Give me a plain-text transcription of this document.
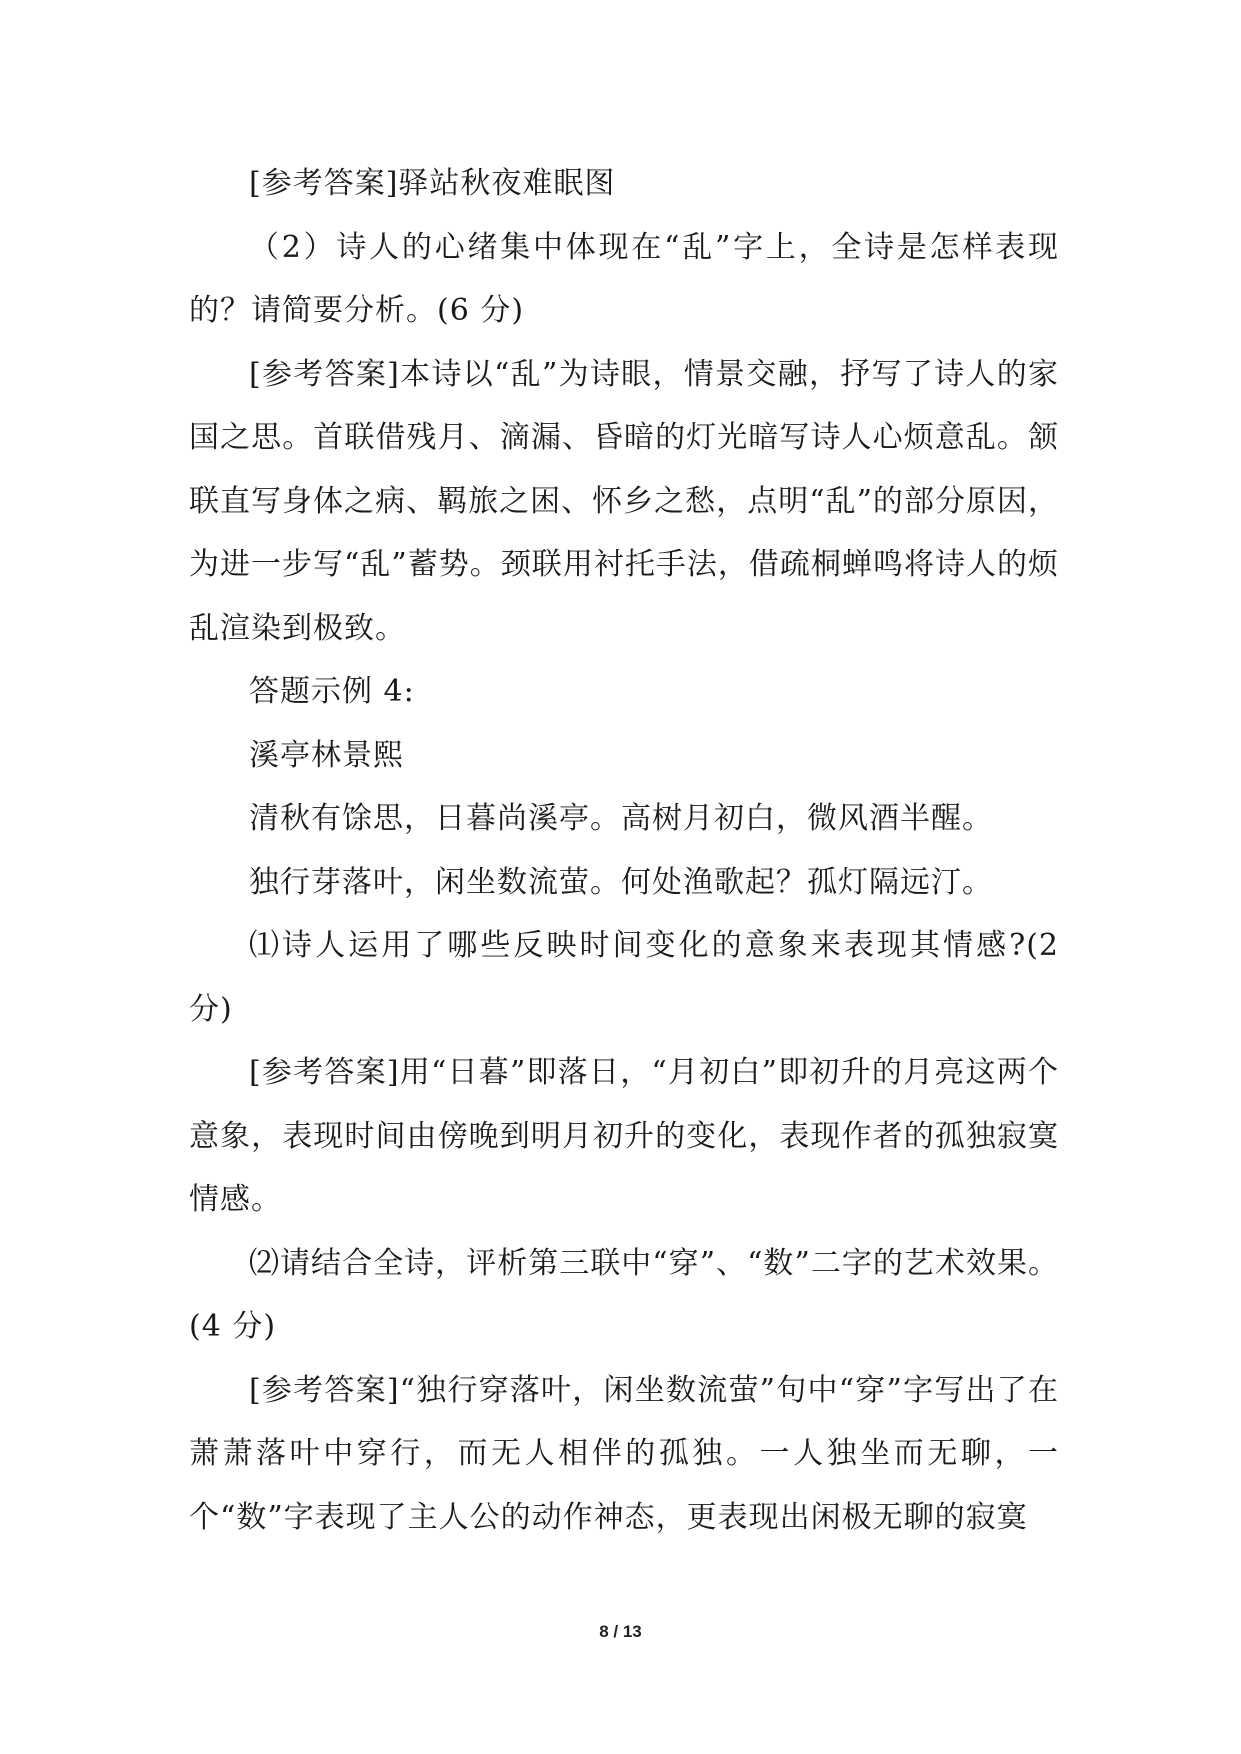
[参考答案]驿站秋夜难眠图

（2）诗人的心绪集中体现在“乱”字上，全诗是怎样表现的？请简要分析。(6 分)

[参考答案]本诗以“乱”为诗眼，情景交融，抒写了诗人的家国之思。首联借残月、滴漏、昏暗的灯光暗写诗人心烦意乱。颔联直写身体之病、羁旅之困、怀乡之愁，点明“乱”的部分原因，为进一步写“乱”蓄势。颈联用衬托手法，借疏桐蝉鸣将诗人的烦乱渲染到极致。

答题示例 4:

溪亭林景熙

清秋有馀思，日暮尚溪亭。高树月初白，微风酒半醒。

独行芽落叶，闲坐数流萤。何处渔歌起？孤灯隔远汀。

⑴诗人运用了哪些反映时间变化的意象来表现其情感?(2 分)

[参考答案]用“日暮”即落日，“月初白”即初升的月亮这两个意象，表现时间由傍晚到明月初升的变化，表现作者的孤独寂寞情感。

⑵请结合全诗，评析第三联中“穿”、“数”二字的艺术效果。(4 分)

[参考答案]“独行穿落叶，闲坐数流萤”句中“穿”字写出了在萧萧落叶中穿行，而无人相伴的孤独。一人独坐而无聊，一个“数”字表现了主人公的动作神态，更表现出闲极无聊的寂寞

8 / 13
